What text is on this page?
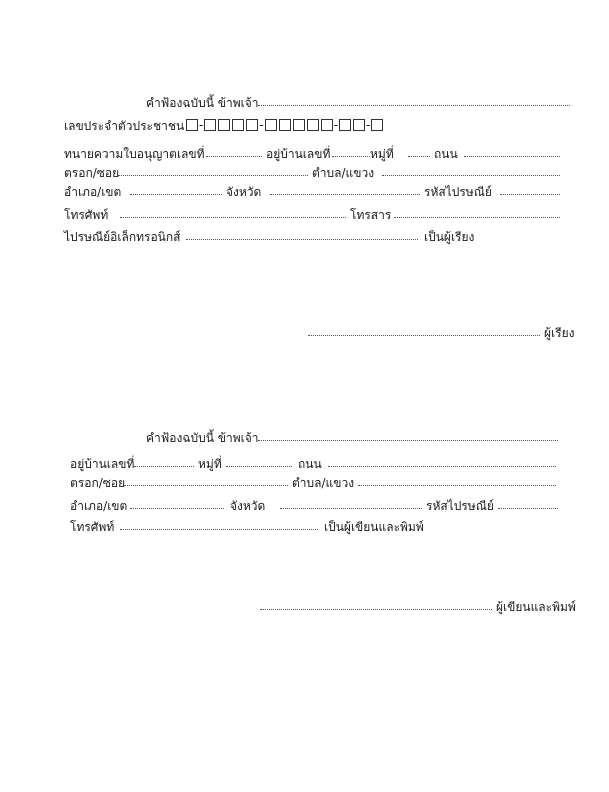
คำฟ้องฉบับนี้ ข้าพเจ้า
เลขประจำตัวประชาชน -	-	- -
ทนายความใบอนุญาตเลขที่	อยู่บ้านเลขที่	หมู่ที่	ถนน
ตรอก/ซอย	ตำบล/แขวง
อำเภอ/เขต	จังหวัด	รหัสไปรษณีย์
โทรศัพท์	โทรสาร
ไปรษณีย์อิเล็กทรอนิกส์	เป็นผู้เรียง
ผู้เรียง
คำฟ้องฉบับนี้ ข้าพเจ้า
อยู่บ้านเลขที่	หมู่ที่	ถนน
ตรอก/ซอย	ตำบล/แขวง
อำเภอ/เขต	จังหวัด	รหัสไปรษณีย์
โทรศัพท์	เป็นผู้เขียนและพิมพ์
ผู้เขียนและพิมพ์
